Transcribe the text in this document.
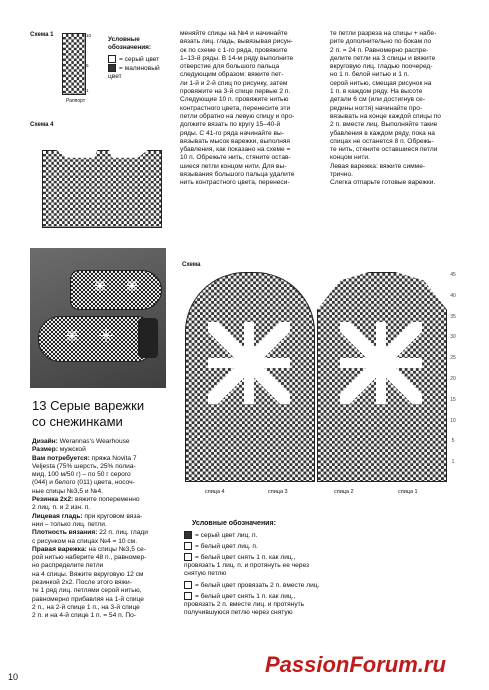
Схема 1	10
5
1
Раппорт
Условные обозначения:
= серый цвет
= малиновый цвет
Схема 4
✳ ✳
✳ ✳
13 Серые варежки
со снежинками
Дизайн: Werannas's Wearhouse
Размер: мужской
Вам потребуется: пряжа Novita 7
Veljesta (75% шерсть, 25% полиа-
мид, 100 м/50 г) – по 50 г серого
(044) и белого (011) цвета, носоч-
ные спицы №3,5 и №4.
Резинка 2х2: вяжите попеременно
2 лиц. п. и 2 изн. п.
Лицевая гладь: при круговом вяза-
нии – только лиц. петли.
Плотность вязания: 22 п. лиц. глади
с рисунком на спицах №4 = 10 см.
Правая варежка: на спицы №3,5 се-
рой нитью наберите 48 п., равномер-
но распределите петли
на 4 спицы. Вяжите вкруговую 12 см
резинкой 2х2. После этого вяжи-
те 1 ряд лиц. петлями серой нитью,
равномерно прибавляя на 1-й спице
2 п., на 2-й спице 1 п., на 3-й спице
2 п. и на 4-й спице 1 п. = 54 п. По-
меняйте спицы на №4 и начинайте
вязать лиц. гладь, вывязывая рисун-
ок по схеме с 1-го ряда, провяжите
1–13-й ряды. В 14-м ряду выполните
отверстие для большого пальца
следующим образом: вяжите пет-
ли 1-й и 2-й спиц по рисунку, затем
провяжите на 3-й спице первые 2 п.
Следующие 10 п. провяжите нитью
контрастного цвета, перенесите эти
петли обратно на левую спицу и про-
должите вязать по кругу 15–40-й
ряды. С 41-го ряда начинайте вы-
вязывать мысок варежки, выполняя
убавления, как показано на схеме =
10 п. Обрежьте нить, стяните остав-
шиеся петли концом нити. Для вы-
вязывания большого пальца удалите
нить контрастного цвета, перенеси-
те петли разреза на спицы + набе-
рите дополнительно по бокам по
2 п. = 24 п. Равномерно распре-
делите петли на 3 спицы и вяжите
вкруговую лиц. гладью поочеред-
но 1 п. белой нитью и 1 п.
серой нитью, смещая рисунок на
1 п. в каждом ряду. На высоте
детали 6 см (или достигнув се-
редины ногтя) начинайте про-
вязывать на конце каждой спицы по
2 п. вместе лиц. Выполняйте такие
убавления в каждом ряду, пока на
спицах не останется 8 п. Обрежь-
те нить, стяните оставшиеся петли
концом нити.
Левая варежка: вяжите симме-
трично.
Слегка отпарьте готовые варежки.
Схема
45
40
35
30
25
20
15
10
5
1
спица 4	спица 3	спица 2	спица 1
Условные обозначения:
= серый цвет лиц. п.
= белый цвет лиц. п.
= белый цвет снять 1 п. как лиц., провязать 1 лиц. п. и протянуть ее через снятую петлю
= белый цвет провязать 2 п. вместе лиц.
= белый цвет снять 1 п. как лиц., провязать 2 п. вместе лиц. и протянуть получившуюся петлю через снятую
10	PassionForum.ru
